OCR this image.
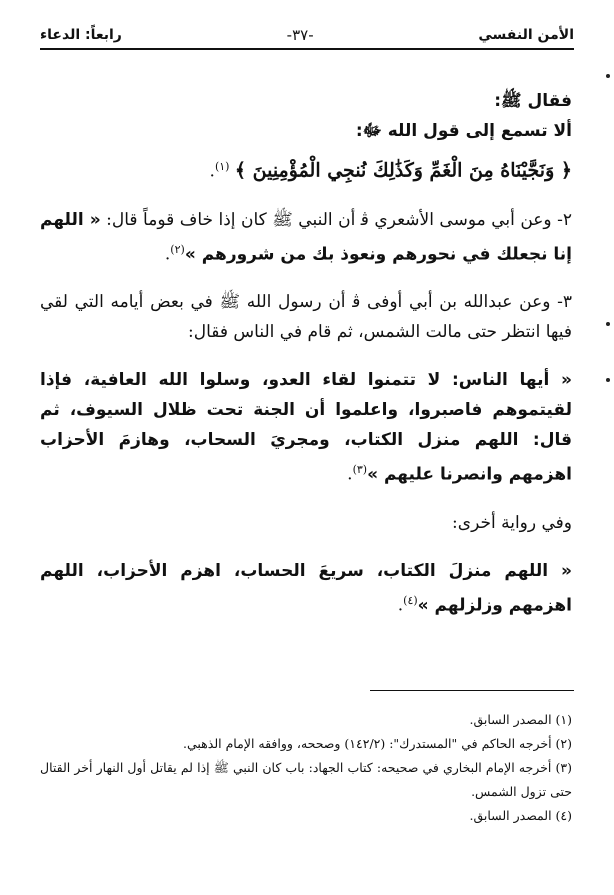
الأمن النفسي
-٣٧-
رابعاً: الدعاء

فقال ﷺ:

ألا تسمع إلى قول الله ﷻ:

﴿ وَنَجَّيْنَاهُ مِنَ الْغَمِّ وَكَذَٰلِكَ نُنجِي الْمُؤْمِنِينَ ﴾ $^{(١)}$.

٢- وعن أبي موسى الأشعري ﭬ أن النبي ﷺ كان إذا خاف قوماً قال: « اللهم إنا نجعلك في نحورهم ونعوذ بك من شرورهم »$^{(٢)}$.

٣- وعن عبدالله بن أبي أوفى ﭬ أن رسول الله ﷺ في بعض أيامه التي لقي فيها انتظر حتى مالت الشمس، ثم قام في الناس فقال:

« أيها الناس: لا تتمنوا لقاء العدو، وسلوا الله العافية، فإذا لقيتموهم فاصبروا، واعلموا أن الجنة تحت ظلال السيوف، ثم قال: اللهم منزل الكتاب، ومجريَ السحاب، وهازمَ الأحزاب اهزمهم وانصرنا عليهم »$^{(٣)}$.

وفي رواية أخرى:

« اللهم منزلَ الكتاب، سريعَ الحساب، اهزم الأحزاب، اللهم اهزمهم وزلزلهم »$^{(٤)}$.

(١) المصدر السابق.

(٢) أخرجه الحاكم في "المستدرك": (١٤٢/٢) وصححه، ووافقه الإمام الذهبي.

(٣) أخرجه الإمام البخاري في صحيحه: كتاب الجهاد: باب كان النبي ﷺ إذا لم يقاتل أول النهار أخر القتال حتى تزول الشمس.

(٤) المصدر السابق.
